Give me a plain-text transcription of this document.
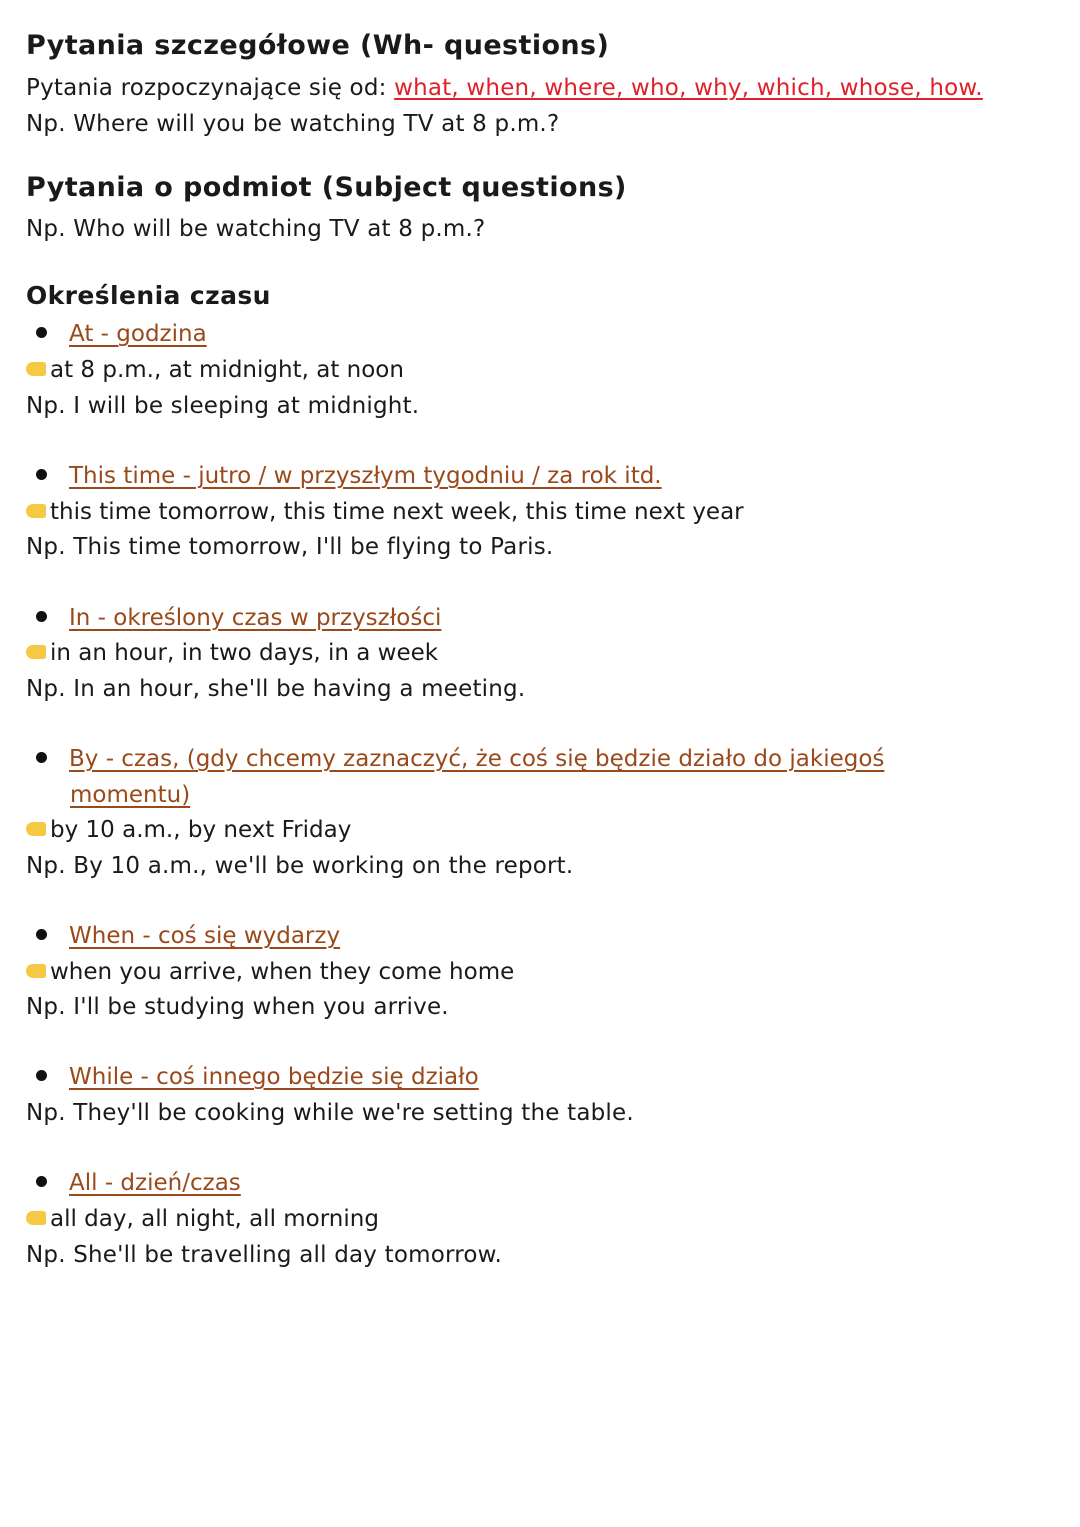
Pytania szczegółowe (Wh- questions)
Pytania rozpoczynające się od: what, when, where, who, why, which, whose, how.
Np. Where will you be watching TV at 8 p.m.?
Pytania o podmiot (Subject questions)
Np. Who will be watching TV at 8 p.m.?
Określenia czasu
At - godzina
at 8 p.m., at midnight, at noon
Np. I will be sleeping at midnight.
This time - jutro / w przyszłym tygodniu / za rok itd.
this time tomorrow, this time next week, this time next year
Np. This time tomorrow, I'll be flying to Paris.
In - określony czas w przyszłości
in an hour, in two days, in a week
Np. In an hour, she'll be having a meeting.
By - czas, (gdy chcemy zaznaczyć, że coś się będzie działo do jakiegoś
momentu)
by 10 a.m., by next Friday
Np. By 10 a.m., we'll be working on the report.
When - coś się wydarzy
when you arrive, when they come home
Np. I'll be studying when you arrive.
While - coś innego będzie się działo
Np. They'll be cooking while we're setting the table.
All - dzień/czas
all day, all night, all morning
Np. She'll be travelling all day tomorrow.
